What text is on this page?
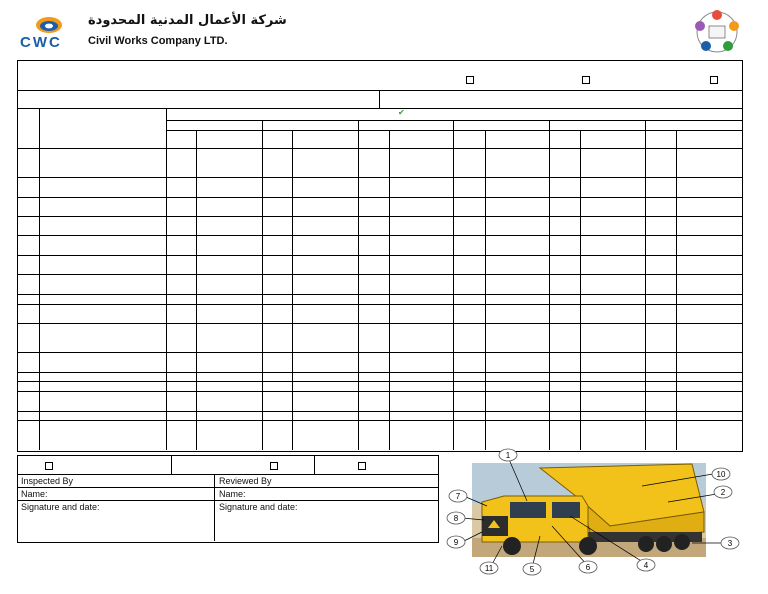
CWC
شركة الأعمال المدنية المحدودة
Civil Works Company LTD.
✔
Inspected By	Reviewed By
Name:	Name:
Signature and date:	Signature and date:
1
2
3
4
5	6
7
8
9
10
11
